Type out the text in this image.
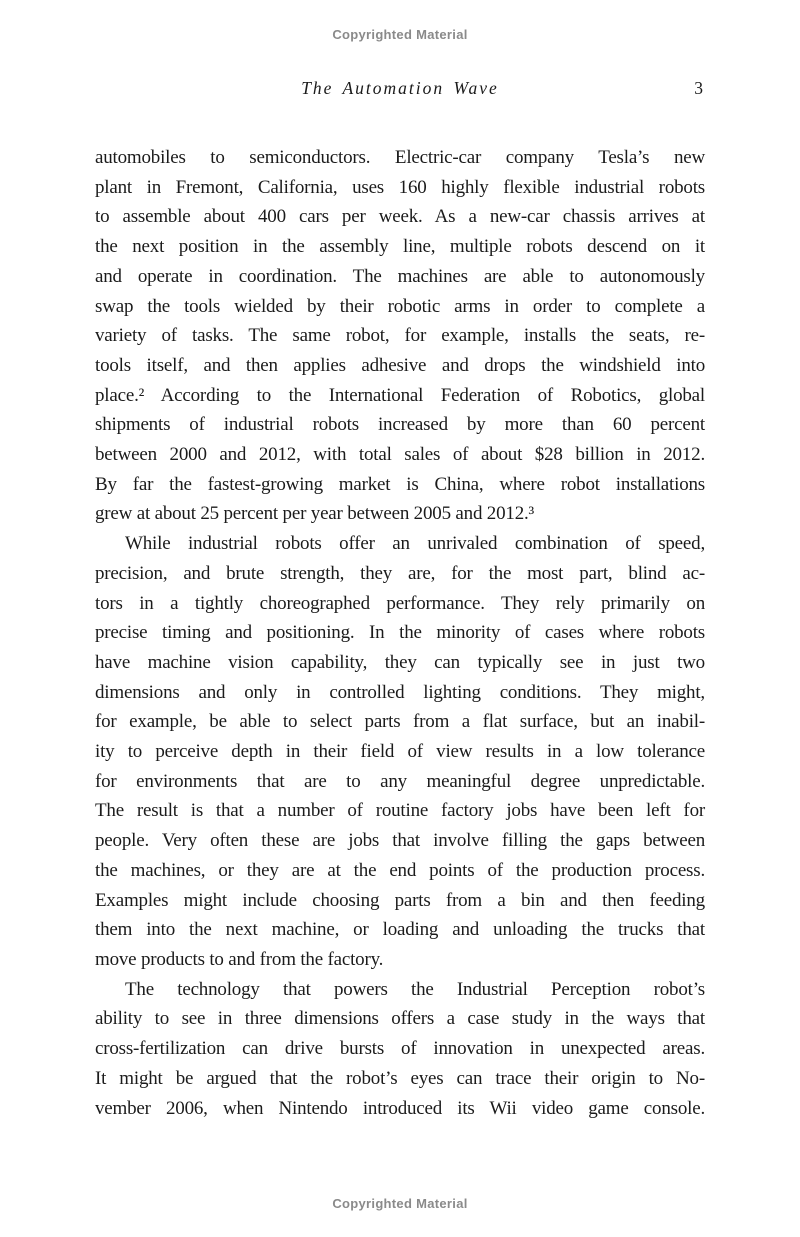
Copyrighted Material
The Automation Wave	3
automobiles to semiconductors. Electric-car company Tesla’s new
plant in Fremont, California, uses 160 highly flexible industrial robots
to assemble about 400 cars per week. As a new-car chassis arrives at
the next position in the assembly line, multiple robots descend on it
and operate in coordination. The machines are able to autonomously
swap the tools wielded by their robotic arms in order to complete a
variety of tasks. The same robot, for example, installs the seats, re-
tools itself, and then applies adhesive and drops the windshield into
place.² According to the International Federation of Robotics, global
shipments of industrial robots increased by more than 60 percent
between 2000 and 2012, with total sales of about $28 billion in 2012.
By far the fastest-growing market is China, where robot installations
grew at about 25 percent per year between 2005 and 2012.³
While industrial robots offer an unrivaled combination of speed,
precision, and brute strength, they are, for the most part, blind ac-
tors in a tightly choreographed performance. They rely primarily on
precise timing and positioning. In the minority of cases where robots
have machine vision capability, they can typically see in just two
dimensions and only in controlled lighting conditions. They might,
for example, be able to select parts from a flat surface, but an inabil-
ity to perceive depth in their field of view results in a low tolerance
for environments that are to any meaningful degree unpredictable.
The result is that a number of routine factory jobs have been left for
people. Very often these are jobs that involve filling the gaps between
the machines, or they are at the end points of the production process.
Examples might include choosing parts from a bin and then feeding
them into the next machine, or loading and unloading the trucks that
move products to and from the factory.
The technology that powers the Industrial Perception robot’s
ability to see in three dimensions offers a case study in the ways that
cross-fertilization can drive bursts of innovation in unexpected areas.
It might be argued that the robot’s eyes can trace their origin to No-
vember 2006, when Nintendo introduced its Wii video game console.
Copyrighted Material
